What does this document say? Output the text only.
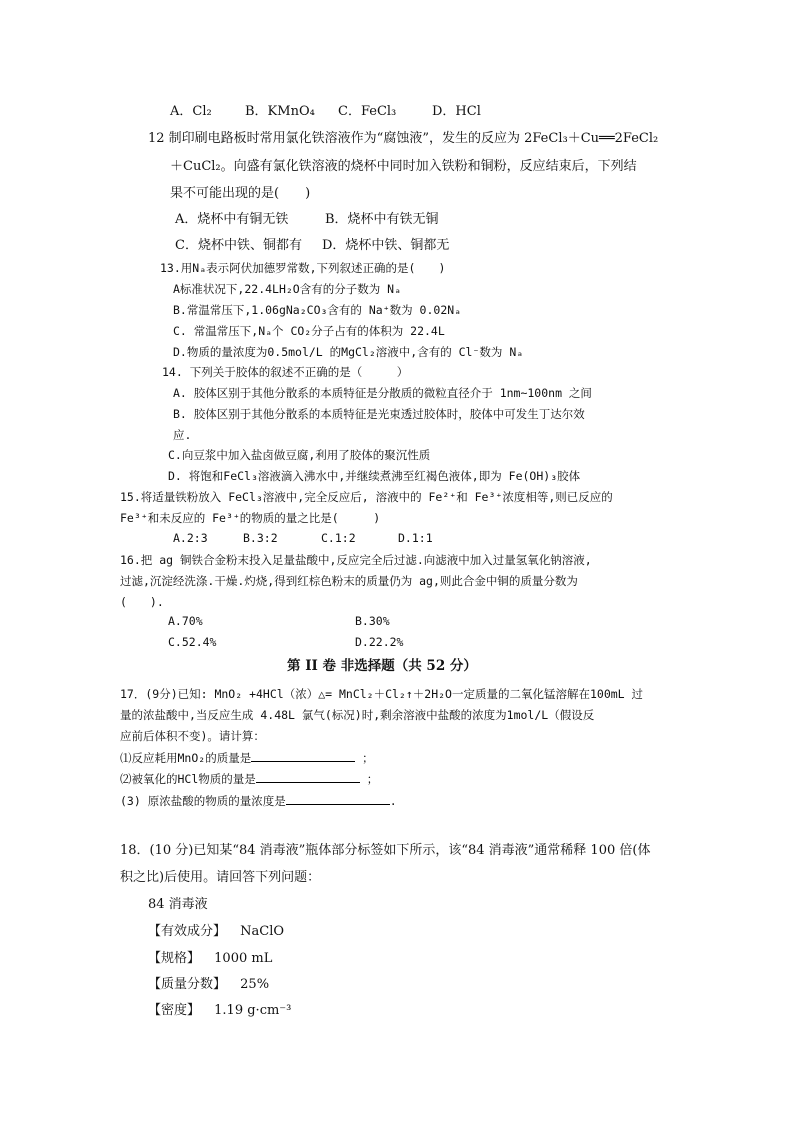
A．Cl₂	B．KMnO₄ C．FeCl₃	D．HCl
12 制印刷电路板时常用氯化铁溶液作为“腐蚀液”，发生的反应为 2FeCl₃＋Cu══2FeCl₂
＋CuCl₂。向盛有氯化铁溶液的烧杯中同时加入铁粉和铜粉，反应结束后，下列结
果不可能出现的是(　　)
A．烧杯中有铜无铁	B．烧杯中有铁无铜
C．烧杯中铁、铜都有 D．烧杯中铁、铜都无
13.用Nₐ表示阿伏加德罗常数,下列叙述正确的是(　　)
A标准状况下,22.4LH₂O含有的分子数为 Nₐ
B.常温常压下,1.06gNa₂CO₃含有的 Na⁺数为 0.02Nₐ
C. 常温常压下,Nₐ个 CO₂分子占有的体积为 22.4L
D.物质的量浓度为0.5mol/L 的MgCl₂溶液中,含有的 Cl⁻数为 Nₐ
14. 下列关于胶体的叙述不正确的是（　　　）
A. 胶体区别于其他分散系的本质特征是分散质的微粒直径介于 1nm~100nm 之间
B. 胶体区别于其他分散系的本质特征是光束透过胶体时，胶体中可发生丁达尔效
应.
C.向豆浆中加入盐卤做豆腐,利用了胶体的聚沉性质
D. 将饱和FeCl₃溶液滴入沸水中,并继续煮沸至红褐色液体,即为 Fe(OH)₃胶体
15.将适量铁粉放入 FeCl₃溶液中,完全反应后, 溶液中的 Fe²⁺和 Fe³⁺浓度相等,则已反应的
Fe³⁺和未反应的 Fe³⁺的物质的量之比是(　　　)
A.2:3	B.3:2	C.1:2	D.1:1
16.把 ag 铜铁合金粉末投入足量盐酸中,反应完全后过滤.向滤液中加入过量氢氧化钠溶液,
过滤,沉淀经洗涤.干燥.灼烧,得到红棕色粉末的质量仍为 ag,则此合金中铜的质量分数为
(　　).
A.70%	B.30%
C.52.4%	D.22.2%
第 II 卷 非选择题（共 52 分）
17．(9分)已知: MnO₂ +4HCl（浓）△= MnCl₂＋Cl₂↑＋2H₂O一定质量的二氧化锰溶解在100mL 过
量的浓盐酸中,当反应生成 4.48L 氯气(标况)时,剩余溶液中盐酸的浓度为1mol/L（假设反
应前后体积不变)。请计算：
⑴反应耗用MnO₂的质量是	；
⑵被氧化的HCl物质的量是	；
(3) 原浓盐酸的物质的量浓度是	.
18．(10 分)已知某“84 消毒液”瓶体部分标签如下所示，该“84 消毒液”通常稀释 100 倍(体
积之比)后使用。请回答下列问题：
84 消毒液
【有效成分】 NaClO
【规格】 1000 mL
【质量分数】 25%
【密度】 1.19 g·cm⁻³
